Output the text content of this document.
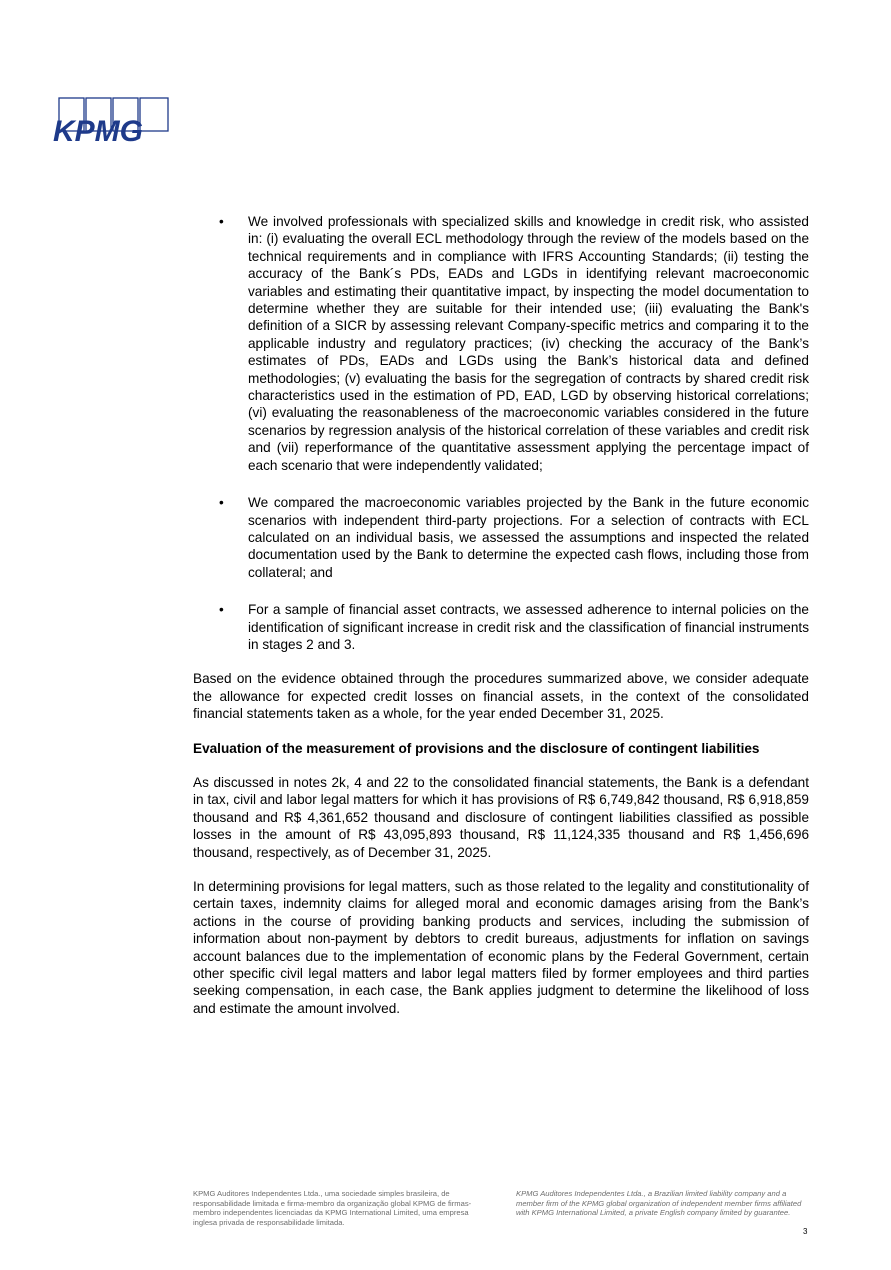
KPMG
• We involved professionals with specialized skills and knowledge in credit risk, who assisted in: (i) evaluating the overall ECL methodology through the review of the models based on the technical requirements and in compliance with IFRS Accounting Standards; (ii) testing the accuracy of the Bank´s PDs, EADs and LGDs in identifying relevant macroeconomic variables and estimating their quantitative impact, by inspecting the model documentation to determine whether they are suitable for their intended use; (iii) evaluating the Bank's definition of a SICR by assessing relevant Company-specific metrics and comparing it to the applicable industry and regulatory practices; (iv) checking the accuracy of the Bank’s estimates of PDs, EADs and LGDs using the Bank’s historical data and defined methodologies; (v) evaluating the basis for the segregation of contracts by shared credit risk characteristics used in the estimation of PD, EAD, LGD by observing historical correlations; (vi) evaluating the reasonableness of the macroeconomic variables considered in the future scenarios by regression analysis of the historical correlation of these variables and credit risk and (vii) reperformance of the quantitative assessment applying the percentage impact of each scenario that were independently validated;
• We compared the macroeconomic variables projected by the Bank in the future economic scenarios with independent third-party projections. For a selection of contracts with ECL calculated on an individual basis, we assessed the assumptions and inspected the related documentation used by the Bank to determine the expected cash flows, including those from collateral; and
• For a sample of financial asset contracts, we assessed adherence to internal policies on the identification of significant increase in credit risk and the classification of financial instruments in stages 2 and 3.

Based on the evidence obtained through the procedures summarized above, we consider adequate the allowance for expected credit losses on financial assets, in the context of the consolidated financial statements taken as a whole, for the year ended December 31, 2025.

Evaluation of the measurement of provisions and the disclosure of contingent liabilities

As discussed in notes 2k, 4 and 22 to the consolidated financial statements, the Bank is a defendant in tax, civil and labor legal matters for which it has provisions of R$ 6,749,842 thousand, R$ 6,918,859 thousand and R$ 4,361,652 thousand and disclosure of contingent liabilities classified as possible losses in the amount of R$ 43,095,893 thousand, R$ 11,124,335 thousand and R$ 1,456,696 thousand, respectively, as of December 31, 2025.

In determining provisions for legal matters, such as those related to the legality and constitutionality of certain taxes, indemnity claims for alleged moral and economic damages arising from the Bank’s actions in the course of providing banking products and services, including the submission of information about non-payment by debtors to credit bureaus, adjustments for inflation on savings account balances due to the implementation of economic plans by the Federal Government, certain other specific civil legal matters and labor legal matters filed by former employees and third parties seeking compensation, in each case, the Bank applies judgment to determine the likelihood of loss and estimate the amount involved.

KPMG Auditores Independentes Ltda., uma sociedade simples brasileira, de responsabilidade limitada e firma-membro da organização global KPMG de firmas-membro independentes licenciadas da KPMG International Limited, uma empresa inglesa privada de responsabilidade limitada.
KPMG Auditores Independentes Ltda., a Brazilian limited liability company and a member firm of the KPMG global organization of independent member firms affiliated with KPMG International Limited, a private English company limited by guarantee.
3
